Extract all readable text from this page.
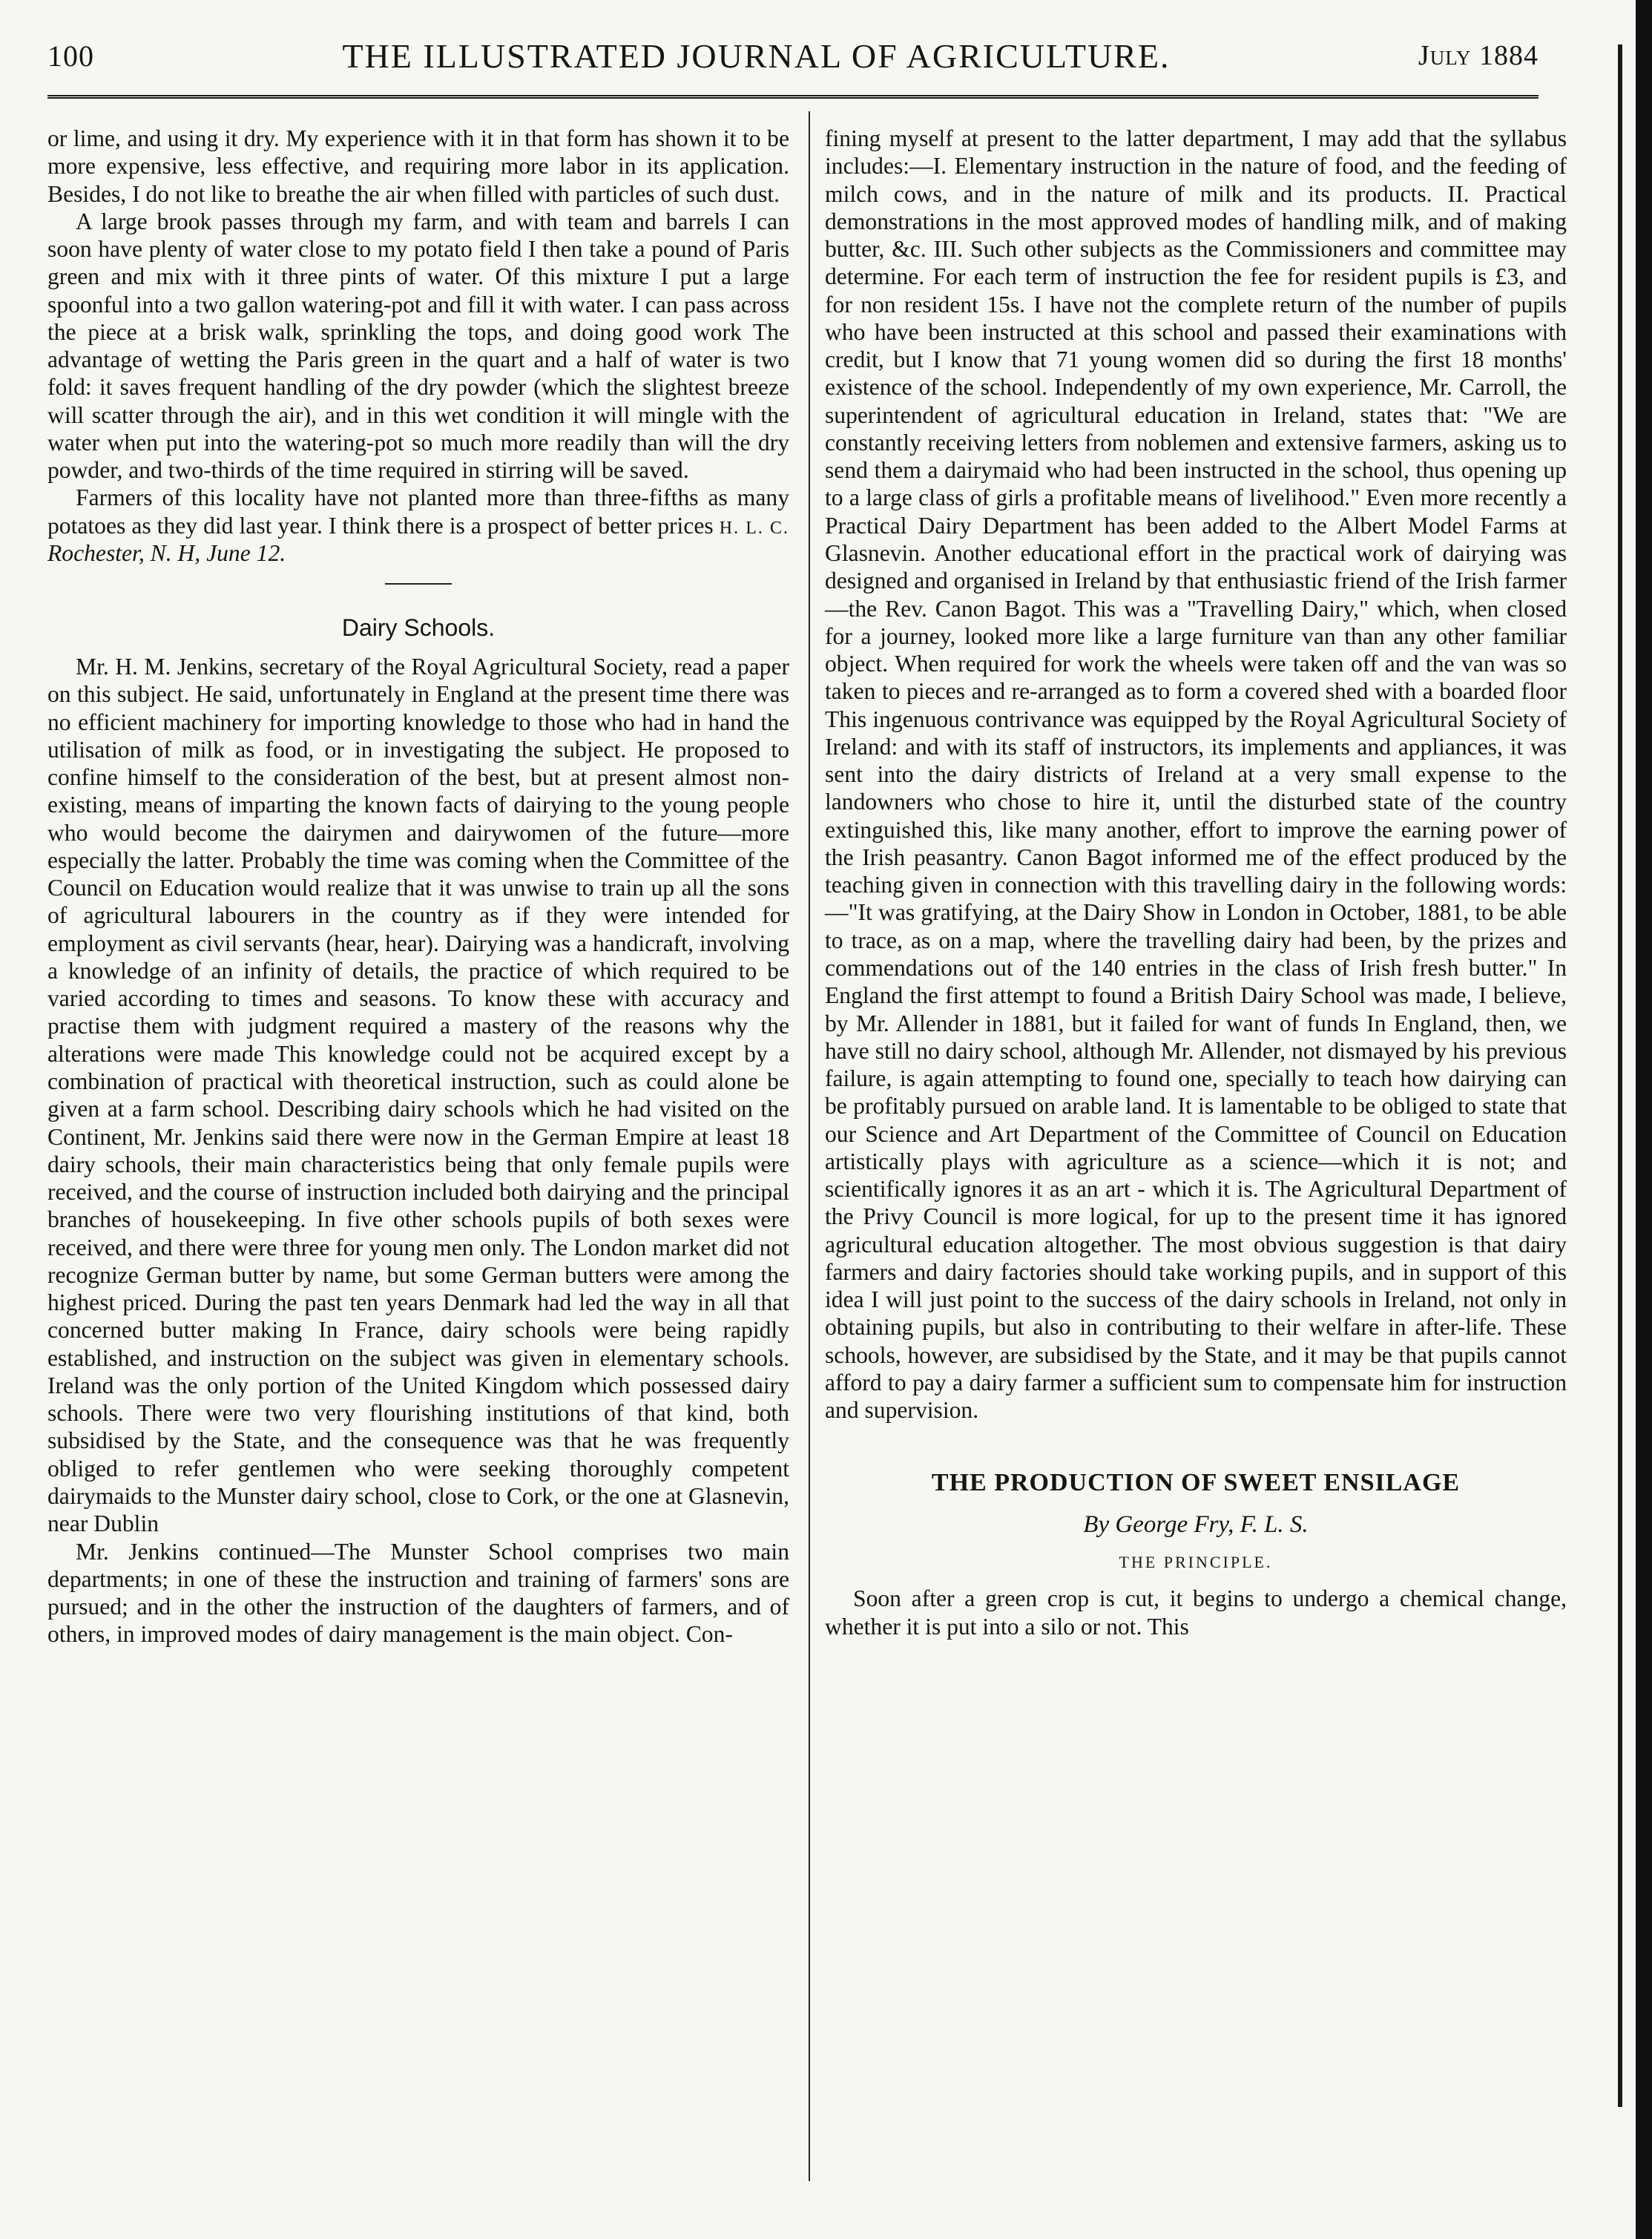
100	THE ILLUSTRATED JOURNAL OF AGRICULTURE.	July 1884

or lime, and using it dry. My experience with it in that form has shown it to be more expensive, less effective, and requiring more labor in its application. Besides, I do not like to breathe the air when filled with particles of such dust.

A large brook passes through my farm, and with team and barrels I can soon have plenty of water close to my potato field I then take a pound of Paris green and mix with it three pints of water. Of this mixture I put a large spoonful into a two gallon watering-pot and fill it with water. I can pass across the piece at a brisk walk, sprinkling the tops, and doing good work The advantage of wetting the Paris green in the quart and a half of water is two fold: it saves frequent handling of the dry powder (which the slightest breeze will scatter through the air), and in this wet condition it will mingle with the water when put into the watering-pot so much more readily than will the dry powder, and two-thirds of the time required in stirring will be saved.

Farmers of this locality have not planted more than three-fifths as many potatoes as they did last year. I think there is a prospect of better prices H. L. C. Rochester, N. H, June 12.

Dairy Schools.

Mr. H. M. Jenkins, secretary of the Royal Agricultural Society, read a paper on this subject. He said, unfortunately in England at the present time there was no efficient machinery for importing knowledge to those who had in hand the utilisation of milk as food, or in investigating the subject. He proposed to confine himself to the consideration of the best, but at present almost non-existing, means of imparting the known facts of dairying to the young people who would become the dairymen and dairywomen of the future—more especially the latter. Probably the time was coming when the Committee of the Council on Education would realize that it was unwise to train up all the sons of agricultural labourers in the country as if they were intended for employment as civil servants (hear, hear). Dairying was a handicraft, involving a knowledge of an infinity of details, the practice of which required to be varied according to times and seasons. To know these with accuracy and practise them with judgment required a mastery of the reasons why the alterations were made This knowledge could not be acquired except by a combination of practical with theoretical instruction, such as could alone be given at a farm school. Describing dairy schools which he had visited on the Continent, Mr. Jenkins said there were now in the German Empire at least 18 dairy schools, their main characteristics being that only female pupils were received, and the course of instruction included both dairying and the principal branches of housekeeping. In five other schools pupils of both sexes were received, and there were three for young men only. The London market did not recognize German butter by name, but some German butters were among the highest priced. During the past ten years Denmark had led the way in all that concerned butter making In France, dairy schools were being rapidly established, and instruction on the subject was given in elementary schools. Ireland was the only portion of the United Kingdom which possessed dairy schools. There were two very flourishing institutions of that kind, both subsidised by the State, and the consequence was that he was frequently obliged to refer gentlemen who were seeking thoroughly competent dairymaids to the Munster dairy school, close to Cork, or the one at Glasnevin, near Dublin

Mr. Jenkins continued—The Munster School comprises two main departments; in one of these the instruction and training of farmers' sons are pursued; and in the other the instruction of the daughters of farmers, and of others, in improved modes of dairy management is the main object. Con-

fining myself at present to the latter department, I may add that the syllabus includes:—I. Elementary instruction in the nature of food, and the feeding of milch cows, and in the nature of milk and its products. II. Practical demonstrations in the most approved modes of handling milk, and of making butter, &c. III. Such other subjects as the Commissioners and committee may determine. For each term of instruction the fee for resident pupils is £3, and for non resident 15s. I have not the complete return of the number of pupils who have been instructed at this school and passed their examinations with credit, but I know that 71 young women did so during the first 18 months' existence of the school. Independently of my own experience, Mr. Carroll, the superintendent of agricultural education in Ireland, states that: "We are constantly receiving letters from noblemen and extensive farmers, asking us to send them a dairymaid who had been instructed in the school, thus opening up to a large class of girls a profitable means of livelihood." Even more recently a Practical Dairy Department has been added to the Albert Model Farms at Glasnevin. Another educational effort in the practical work of dairying was designed and organised in Ireland by that enthusiastic friend of the Irish farmer—the Rev. Canon Bagot. This was a "Travelling Dairy," which, when closed for a journey, looked more like a large furniture van than any other familiar object. When required for work the wheels were taken off and the van was so taken to pieces and re-arranged as to form a covered shed with a boarded floor This ingenuous contrivance was equipped by the Royal Agricultural Society of Ireland: and with its staff of instructors, its implements and appliances, it was sent into the dairy districts of Ireland at a very small expense to the landowners who chose to hire it, until the disturbed state of the country extinguished this, like many another, effort to improve the earning power of the Irish peasantry. Canon Bagot informed me of the effect produced by the teaching given in connection with this travelling dairy in the following words:—"It was gratifying, at the Dairy Show in London in October, 1881, to be able to trace, as on a map, where the travelling dairy had been, by the prizes and commendations out of the 140 entries in the class of Irish fresh butter." In England the first attempt to found a British Dairy School was made, I believe, by Mr. Allender in 1881, but it failed for want of funds In England, then, we have still no dairy school, although Mr. Allender, not dismayed by his previous failure, is again attempting to found one, specially to teach how dairying can be profitably pursued on arable land. It is lamentable to be obliged to state that our Science and Art Department of the Committee of Council on Education artistically plays with agriculture as a science—which it is not; and scientifically ignores it as an art - which it is. The Agricultural Department of the Privy Council is more logical, for up to the present time it has ignored agricultural education altogether. The most obvious suggestion is that dairy farmers and dairy factories should take working pupils, and in support of this idea I will just point to the success of the dairy schools in Ireland, not only in obtaining pupils, but also in contributing to their welfare in after-life. These schools, however, are subsidised by the State, and it may be that pupils cannot afford to pay a dairy farmer a sufficient sum to compensate him for instruction and supervision.

THE PRODUCTION OF SWEET ENSILAGE
By George Fry, F. L. S.
THE PRINCIPLE.

Soon after a green crop is cut, it begins to undergo a chemical change, whether it is put into a silo or not. This
